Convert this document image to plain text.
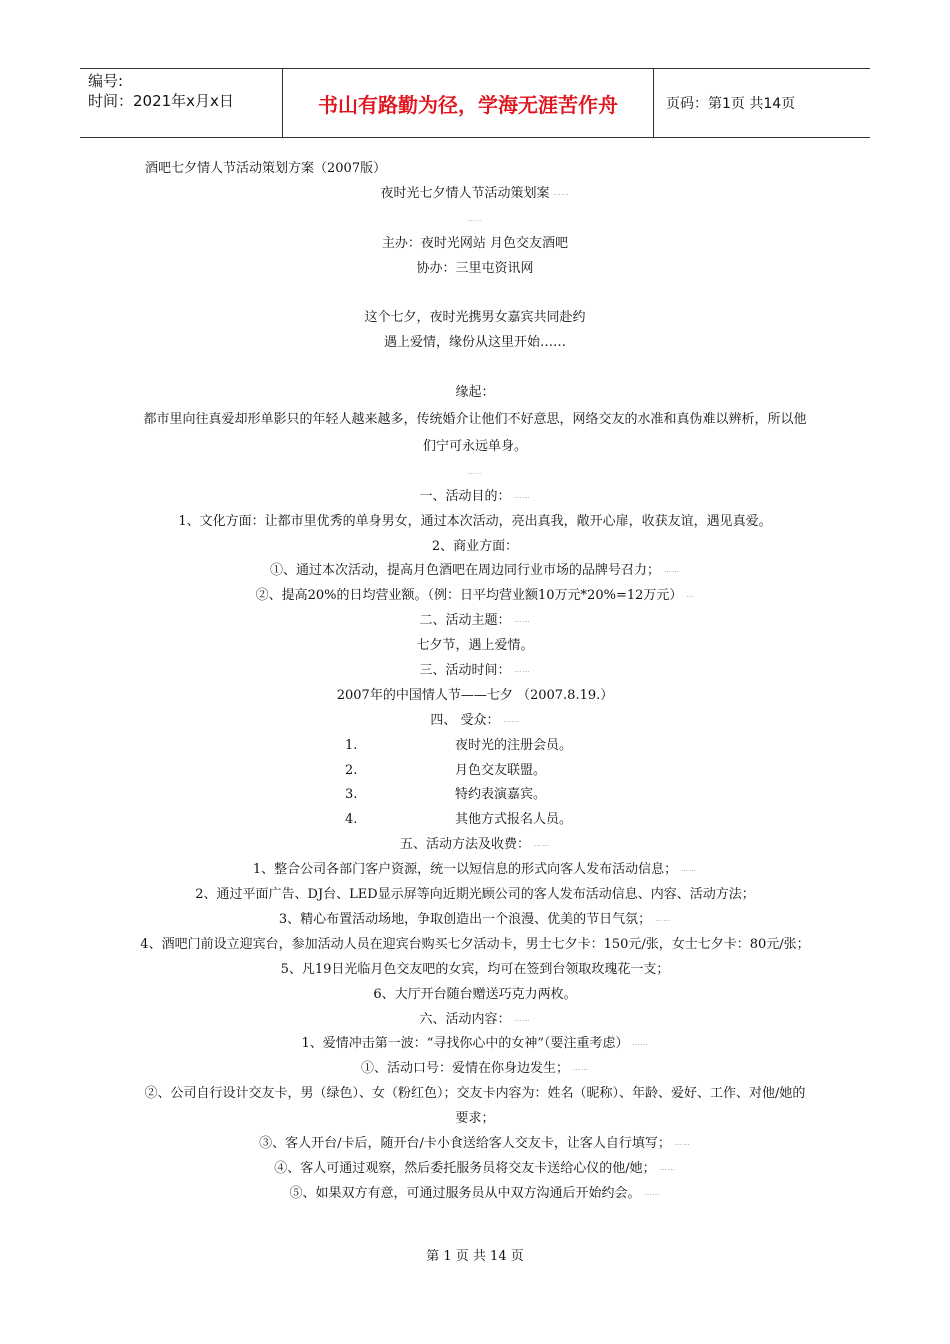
编号:
时间：2021年x月x日	书山有路勤为径，学海无涯苦作舟	页码：第1页 共14页
酒吧七夕情人节活动策划方案（2007版）
夜时光七夕情人节活动策划案 ……
……
主办：夜时光网站 月色交友酒吧
协办：三里屯资讯网
这个七夕，夜时光携男女嘉宾共同赴约
遇上爱情，缘份从这里开始……
缘起：
都市里向往真爱却形单影只的年轻人越来越多，传统婚介让他们不好意思，网络交友的水准和真伪难以辨析，所以他们宁可永远单身。
……
一、活动目的： ……
1、文化方面：让都市里优秀的单身男女，通过本次活动，亮出真我，敞开心扉，收获友谊，遇见真爱。
2、商业方面：
①、通过本次活动，提高月色酒吧在周边同行业市场的品牌号召力； ……
②、提高20%的日均营业额。（例：日平均营业额10万元*20%=12万元） …
二、活动主题： ……
七夕节，遇上爱情。
三、活动时间： ……
2007年的中国情人节——七夕 （2007.8.19.）
四、 受众： ……
1.	夜时光的注册会员。
2.	月色交友联盟。
3.	特约表演嘉宾。
4.	其他方式报名人员。
五、活动方法及收费： ……
1、整合公司各部门客户资源，统一以短信息的形式向客人发布活动信息； ……
2、通过平面广告、DJ台、LED显示屏等向近期光顾公司的客人发布活动信息、内容、活动方法；
3、精心布置活动场地，争取创造出一个浪漫、优美的节日气氛； ……
4、酒吧门前设立迎宾台，参加活动人员在迎宾台购买七夕活动卡，男士七夕卡：150元/张，女士七夕卡：80元/张；
5、凡19日光临月色交友吧的女宾，均可在签到台领取玫瑰花一支；
6、大厅开台随台赠送巧克力两枚。
六、活动内容： ……
1、爱情冲击第一波：“寻找你心中的女神”（要注重考虑） ……
①、活动口号：爱情在你身边发生； ……
②、公司自行设计交友卡，男（绿色）、女（粉红色）；交友卡内容为：姓名（昵称）、年龄、爱好、工作、对他/她的要求；
③、客人开台/卡后，随开台/卡小食送给客人交友卡，让客人自行填写； ……
④、客人可通过观察，然后委托服务员将交友卡送给心仪的他/她； ……
⑤、如果双方有意，可通过服务员从中双方沟通后开始约会。 ……
第 1 页 共 14 页
